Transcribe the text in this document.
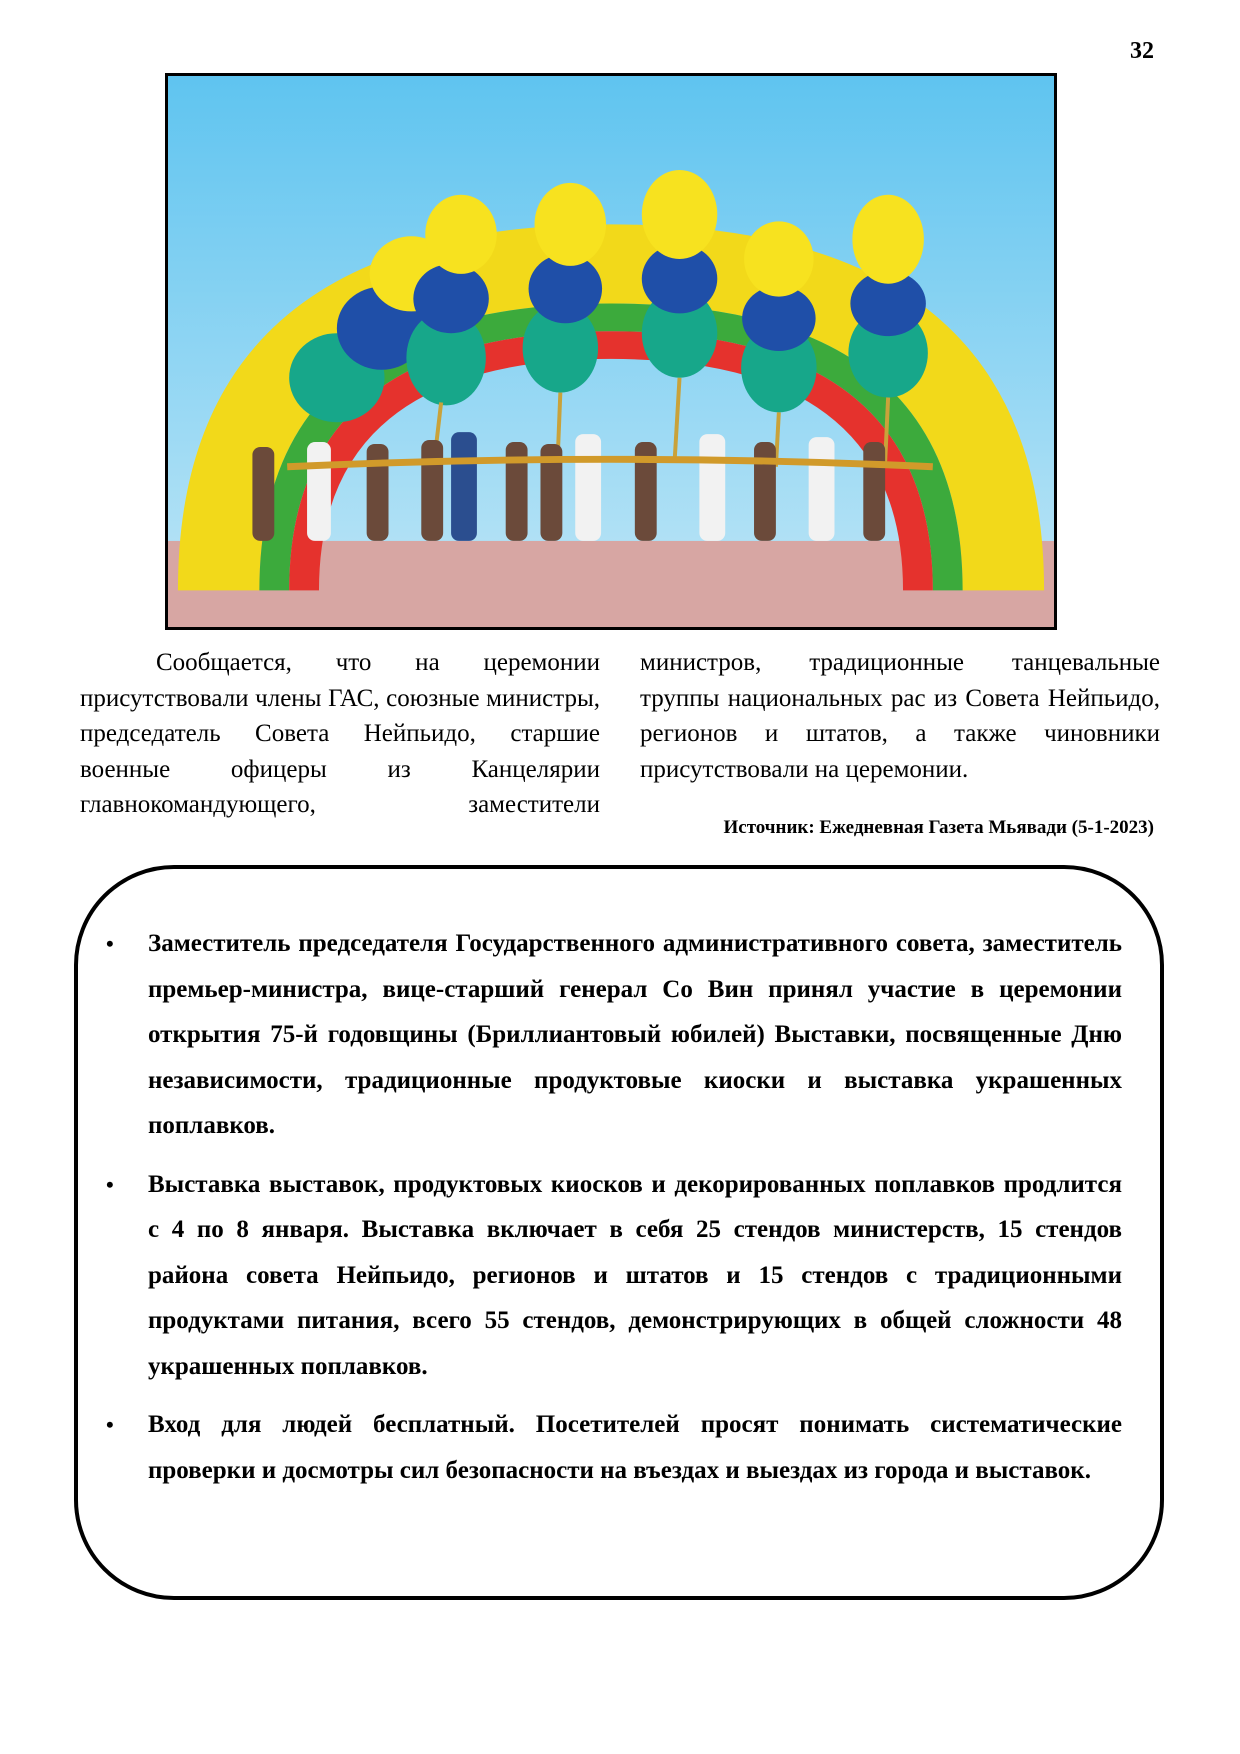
32

Сообщается, что на церемонии присутствовали члены ГАС, союзные министры, председатель Совета Нейпьидо, старшие военные офицеры из Канцелярии главнокомандующего, заместители

министров, традиционные танцевальные труппы национальных рас из Совета Нейпьидо, регионов и штатов, а также чиновники присутствовали на церемонии.

Источник: Ежедневная Газета Мьявади (5-1-2023)
• Заместитель председателя Государственного административного совета, заместитель премьер-министра, вице-старший генерал Со Вин принял участие в церемонии открытия 75-й годовщины (Бриллиантовый юбилей) Выставки, посвященные Дню независимости, традиционные продуктовые киоски и выставка украшенных поплавков.
• Выставка выставок, продуктовых киосков и декорированных поплавков продлится с 4 по 8 января. Выставка включает в себя 25 стендов министерств, 15 стендов района совета Нейпьидо, регионов и штатов и 15 стендов с традиционными продуктами питания, всего 55 стендов, демонстрирующих в общей сложности 48 украшенных поплавков.
• Вход для людей бесплатный. Посетителей просят понимать систематические проверки и досмотры сил безопасности на въездах и выездах из города и выставок.
